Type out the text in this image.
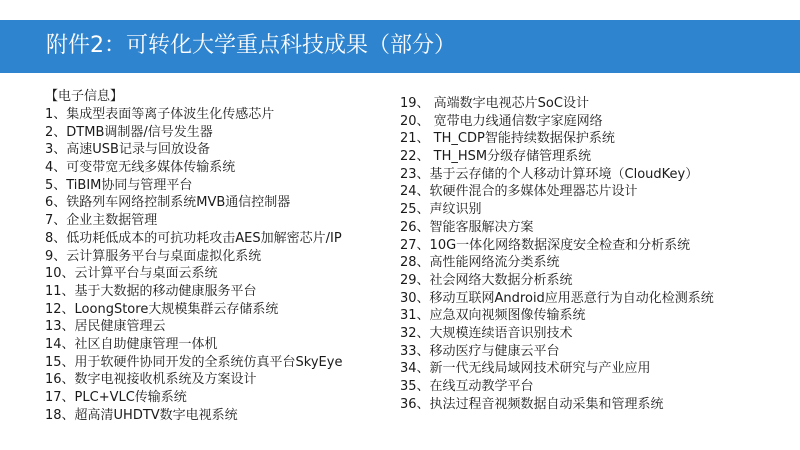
附件2：可转化大学重点科技成果（部分）
【电子信息】
1、集成型表面等离子体波生化传感芯片
2、DTMB调制器/信号发生器
3、高速USB记录与回放设备
4、可变带宽无线多媒体传输系统
5、TiBIM协同与管理平台
6、铁路列车网络控制系统MVB通信控制器
7、企业主数据管理
8、低功耗低成本的可抗功耗攻击AES加解密芯片/IP
9、云计算服务平台与桌面虚拟化系统
10、云计算平台与桌面云系统
11、基于大数据的移动健康服务平台
12、LoongStore大规模集群云存储系统
13、居民健康管理云
14、社区自助健康管理一体机
15、用于软硬件协同开发的全系统仿真平台SkyEye
16、数字电视接收机系统及方案设计
17、PLC+VLC传输系统
18、超高清UHDTV数字电视系统
19、 高端数字电视芯片SoC设计
20、 宽带电力线通信数字家庭网络
21、 TH_CDP智能持续数据保护系统
22、 TH_HSM分级存储管理系统
23、基于云存储的个人移动计算环境（CloudKey）
24、软硬件混合的多媒体处理器芯片设计
25、声纹识别
26、智能客服解决方案
27、10G一体化网络数据深度安全检查和分析系统
28、高性能网络流分类系统
29、社会网络大数据分析系统
30、移动互联网Android应用恶意行为自动化检测系统
31、应急双向视频图像传输系统
32、大规模连续语音识别技术
33、移动医疗与健康云平台
34、新一代无线局域网技术研究与产业应用
35、在线互动教学平台
36、执法过程音视频数据自动采集和管理系统
